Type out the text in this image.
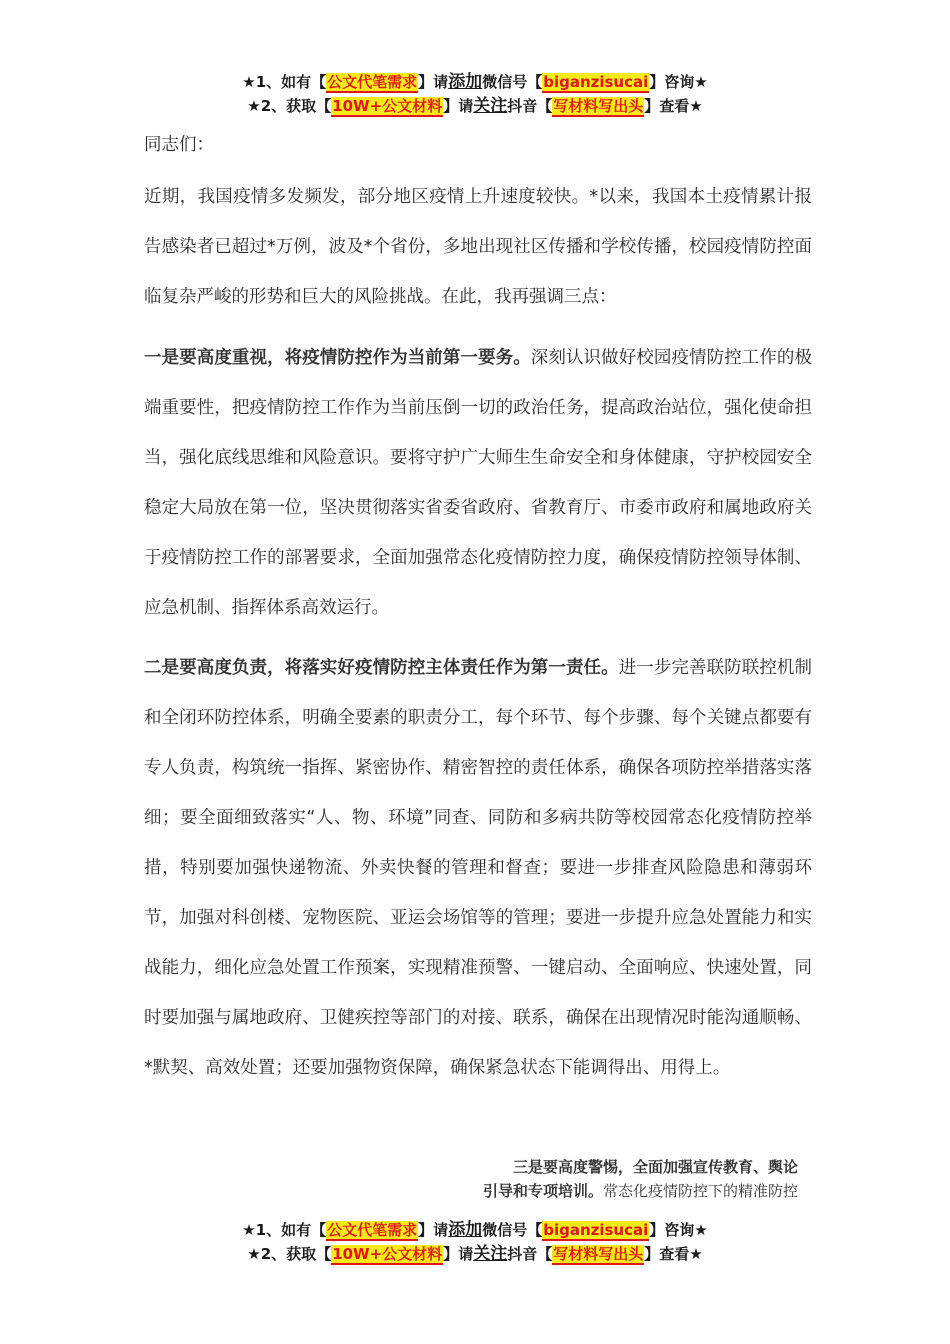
★1、如有【公文代笔需求】请添加微信号【biganzisucai】咨询★
★2、获取【10W+公文材料】请关注抖音【写材料写出头】查看★
同志们：

近期，我国疫情多发频发，部分地区疫情上升速度较快。*以来，我国本土疫情累计报告感染者已超过*万例，波及*个省份，多地出现社区传播和学校传播，校园疫情防控面临复杂严峻的形势和巨大的风险挑战。在此，我再强调三点：

一是要高度重视，将疫情防控作为当前第一要务。深刻认识做好校园疫情防控工作的极端重要性，把疫情防控工作作为当前压倒一切的政治任务，提高政治站位，强化使命担当，强化底线思维和风险意识。要将守护广大师生生命安全和身体健康，守护校园安全稳定大局放在第一位，坚决贯彻落实省委省政府、省教育厅、市委市政府和属地政府关于疫情防控工作的部署要求，全面加强常态化疫情防控力度，确保疫情防控领导体制、应急机制、指挥体系高效运行。

二是要高度负责，将落实好疫情防控主体责任作为第一责任。进一步完善联防联控机制和全闭环防控体系，明确全要素的职责分工，每个环节、每个步骤、每个关键点都要有专人负责，构筑统一指挥、紧密协作、精密智控的责任体系，确保各项防控举措落实落细；要全面细致落实“人、物、环境”同查、同防和多病共防等校园常态化疫情防控举措，特别要加强快递物流、外卖快餐的管理和督查；要进一步排查风险隐患和薄弱环节，加强对科创楼、宠物医院、亚运会场馆等的管理；要进一步提升应急处置能力和实战能力，细化应急处置工作预案，实现精准预警、一键启动、全面响应、快速处置，同时要加强与属地政府、卫健疾控等部门的对接、联系，确保在出现情况时能沟通顺畅、*默契、高效处置；还要加强物资保障，确保紧急状态下能调得出、用得上。

三是要高度警惕，全面加强宣传教育、舆论
引导和专项培训。常态化疫情防控下的精准防控
★1、如有【公文代笔需求】请添加微信号【biganzisucai】咨询★
★2、获取【10W+公文材料】请关注抖音【写材料写出头】查看★
